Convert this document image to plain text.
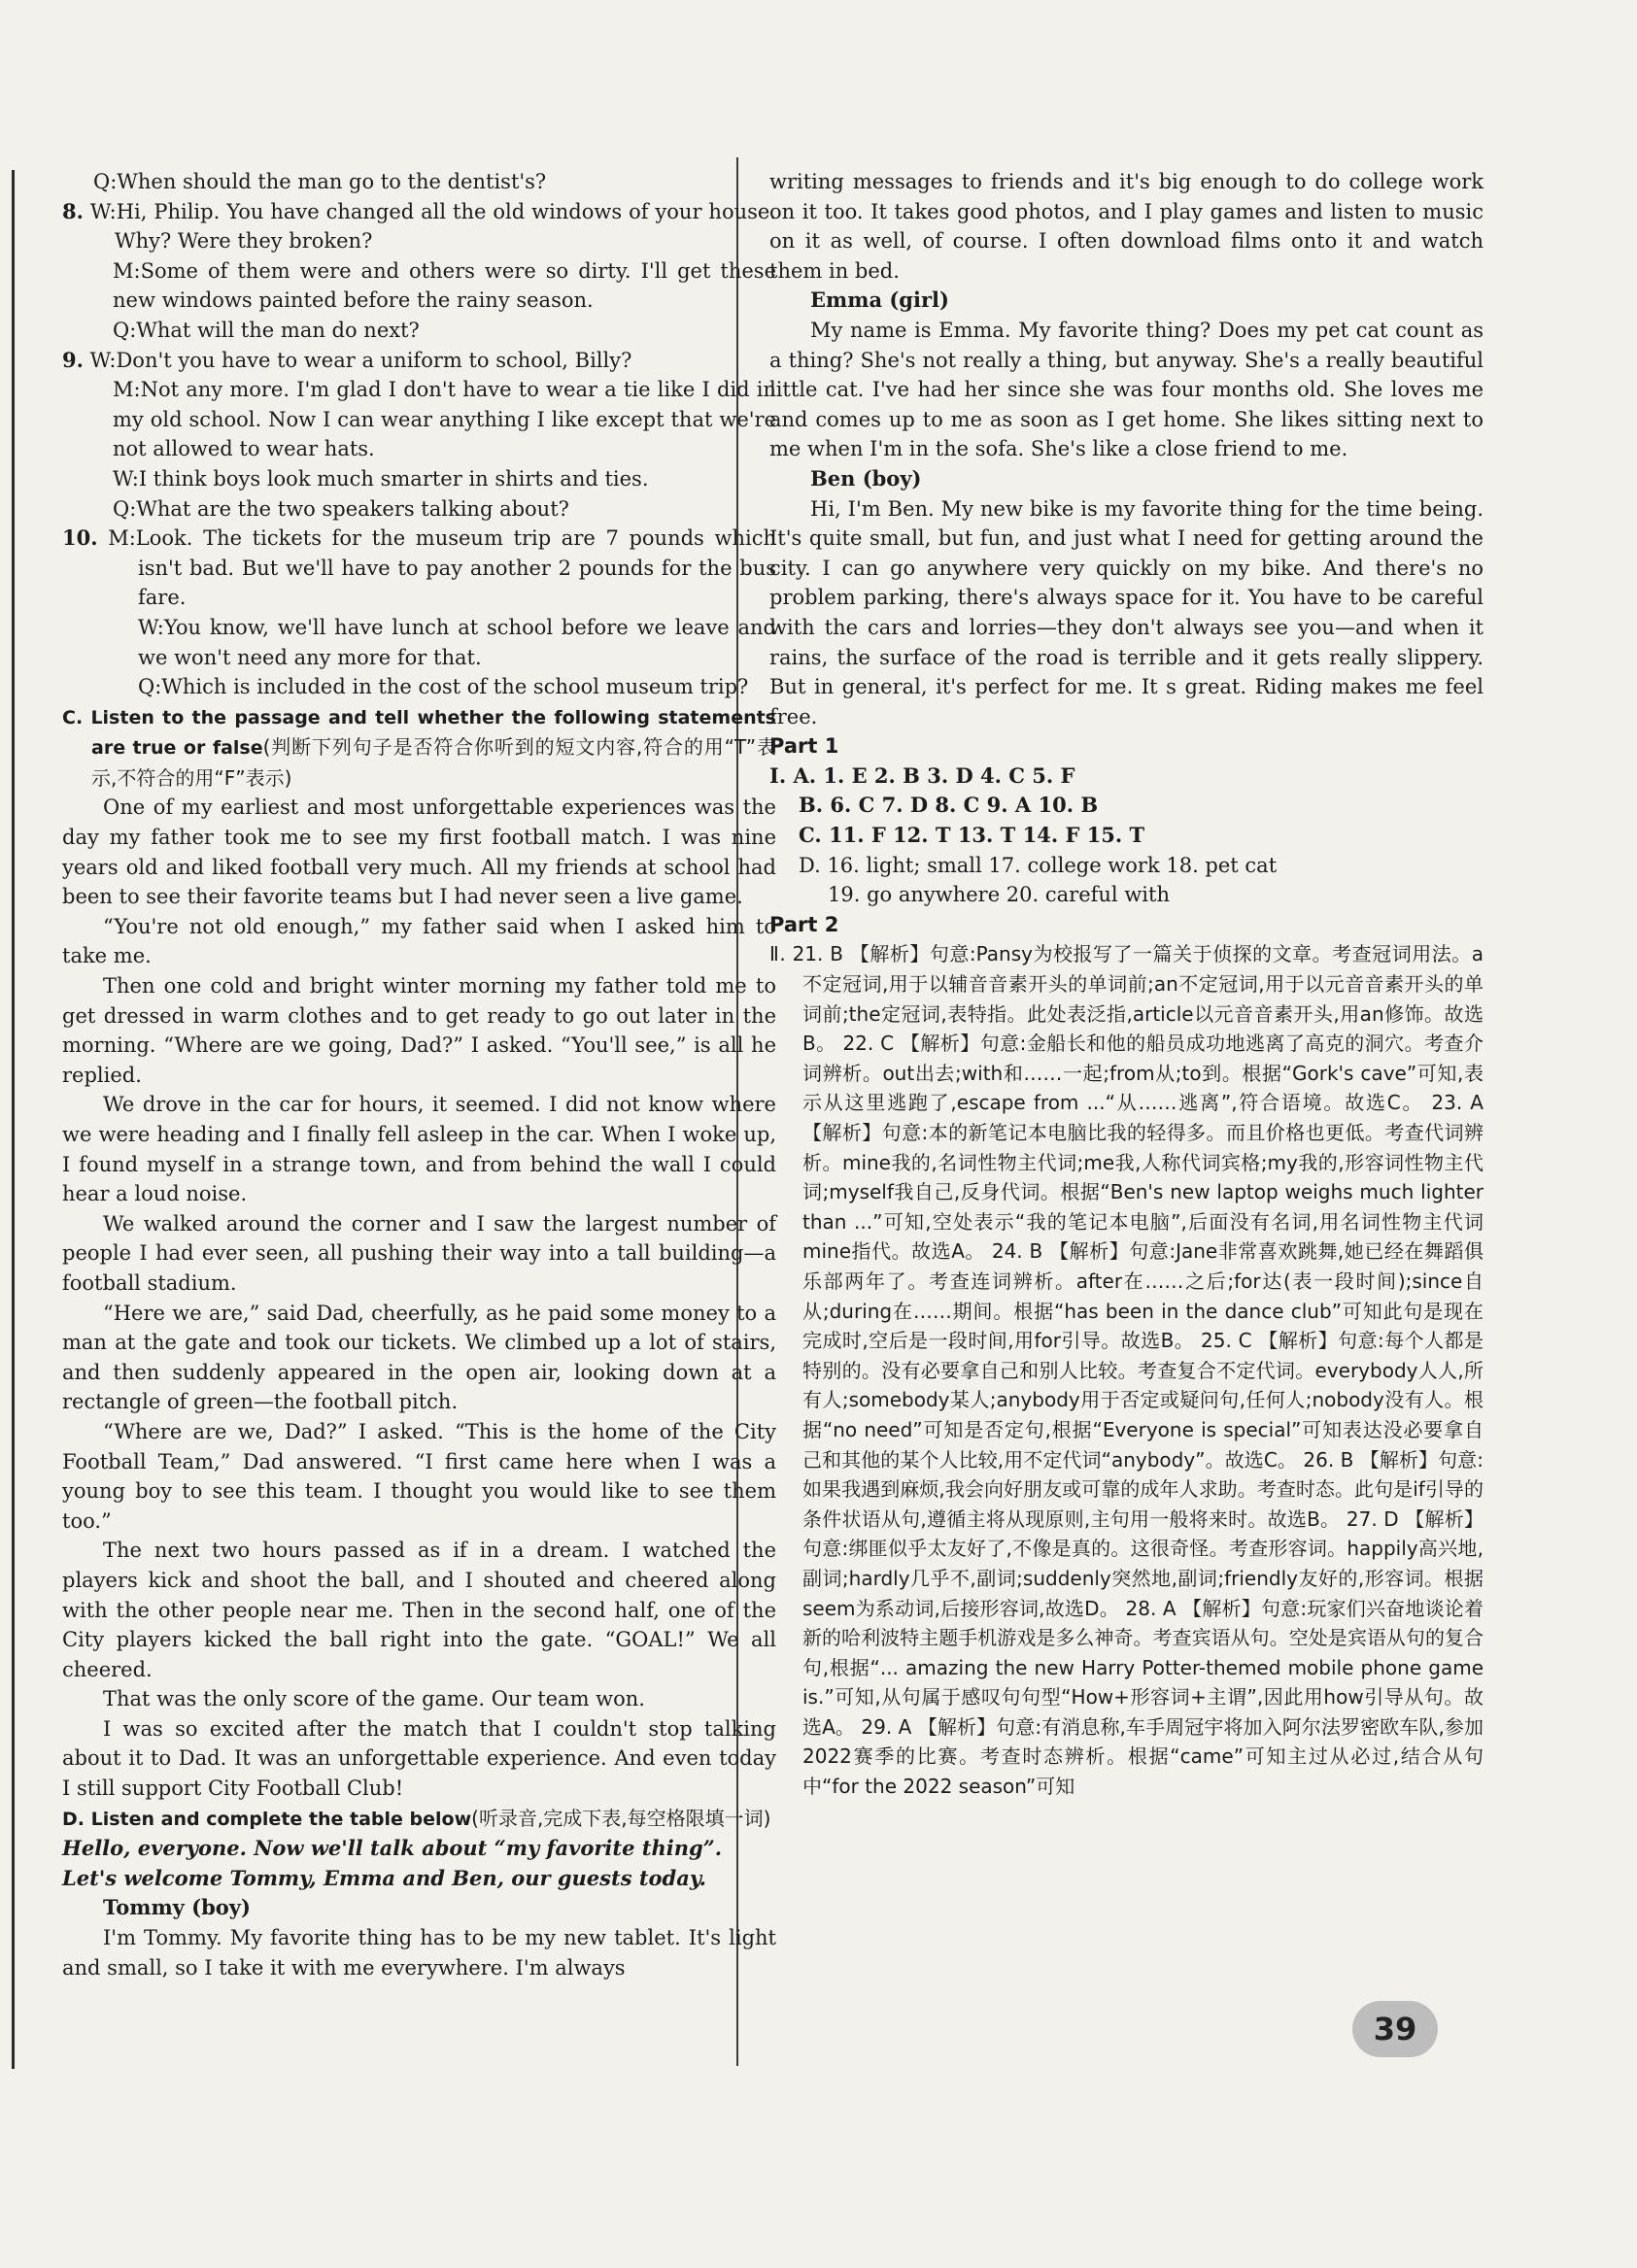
Q:When should the man go to the dentist's?

8. W:Hi, Philip. You have changed all the old windows of your house. Why? Were they broken?

M:Some of them were and others were so dirty. I'll get these new windows painted before the rainy season.

Q:What will the man do next?

9. W:Don't you have to wear a uniform to school, Billy?

M:Not any more. I'm glad I don't have to wear a tie like I did in my old school. Now I can wear anything I like except that we're not allowed to wear hats.

W:I think boys look much smarter in shirts and ties.

Q:What are the two speakers talking about?

10. M:Look. The tickets for the museum trip are 7 pounds which isn't bad. But we'll have to pay another 2 pounds for the bus fare.

W:You know, we'll have lunch at school before we leave and we won't need any more for that.

Q:Which is included in the cost of the school museum trip?

C. Listen to the passage and tell whether the following statements are true or false(判断下列句子是否符合你听到的短文内容,符合的用“T”表示,不符合的用“F”表示)

One of my earliest and most unforgettable experiences was the day my father took me to see my first football match. I was nine years old and liked football very much. All my friends at school had been to see their favorite teams but I had never seen a live game.

“You're not old enough,” my father said when I asked him to take me.

Then one cold and bright winter morning my father told me to get dressed in warm clothes and to get ready to go out later in the morning. “Where are we going, Dad?” I asked. “You'll see,” is all he replied.

We drove in the car for hours, it seemed. I did not know where we were heading and I finally fell asleep in the car. When I woke up, I found myself in a strange town, and from behind the wall I could hear a loud noise.

We walked around the corner and I saw the largest number of people I had ever seen, all pushing their way into a tall building—a football stadium.

“Here we are,” said Dad, cheerfully, as he paid some money to a man at the gate and took our tickets. We climbed up a lot of stairs, and then suddenly appeared in the open air, looking down at a rectangle of green—the football pitch.

“Where are we, Dad?” I asked. “This is the home of the City Football Team,” Dad answered. “I first came here when I was a young boy to see this team. I thought you would like to see them too.”

The next two hours passed as if in a dream. I watched the players kick and shoot the ball, and I shouted and cheered along with the other people near me. Then in the second half, one of the City players kicked the ball right into the gate. “GOAL!” We all cheered.

That was the only score of the game. Our team won.

I was so excited after the match that I couldn't stop talking about it to Dad. It was an unforgettable experience. And even today I still support City Football Club!

D. Listen and complete the table below(听录音,完成下表,每空格限填一词)

Hello, everyone. Now we'll talk about “my favorite thing”.

Let's welcome Tommy, Emma and Ben, our guests today.

Tommy (boy)

I'm Tommy. My favorite thing has to be my new tablet. It's light and small, so I take it with me everywhere. I'm always

writing messages to friends and it's big enough to do college work on it too. It takes good photos, and I play games and listen to music on it as well, of course. I often download films onto it and watch them in bed.

Emma (girl)

My name is Emma. My favorite thing? Does my pet cat count as a thing? She's not really a thing, but anyway. She's a really beautiful little cat. I've had her since she was four months old. She loves me and comes up to me as soon as I get home. She likes sitting next to me when I'm in the sofa. She's like a close friend to me.

Ben (boy)

Hi, I'm Ben. My new bike is my favorite thing for the time being. It's quite small, but fun, and just what I need for getting around the city. I can go anywhere very quickly on my bike. And there's no problem parking, there's always space for it. You have to be careful with the cars and lorries—they don't always see you—and when it rains, the surface of the road is terrible and it gets really slippery. But in general, it's perfect for me. It s great. Riding makes me feel free.

Part 1

Ⅰ. A. 1. E 2. B 3. D 4. C 5. F
B. 6. C 7. D 8. C 9. A 10. B
C. 11. F 12. T 13. T 14. F 15. T
D. 16. light; small 17. college work 18. pet cat
19. go anywhere 20. careful with

Part 2

Ⅱ. 21. B 【解析】句意:Pansy为校报写了一篇关于侦探的文章。考查冠词用法。a不定冠词,用于以辅音音素开头的单词前;an不定冠词,用于以元音音素开头的单词前;the定冠词,表特指。此处表泛指,article以元音音素开头,用an修饰。故选B。 22. C 【解析】句意:金船长和他的船员成功地逃离了高克的洞穴。考查介词辨析。out出去;with和……一起;from从;to到。根据“Gork's cave”可知,表示从这里逃跑了,escape from ...“从……逃离”,符合语境。故选C。 23. A 【解析】句意:本的新笔记本电脑比我的轻得多。而且价格也更低。考查代词辨析。mine我的,名词性物主代词;me我,人称代词宾格;my我的,形容词性物主代词;myself我自己,反身代词。根据“Ben's new laptop weighs much lighter than ...”可知,空处表示“我的笔记本电脑”,后面没有名词,用名词性物主代词mine指代。故选A。 24. B 【解析】句意:Jane非常喜欢跳舞,她已经在舞蹈俱乐部两年了。考查连词辨析。after在……之后;for达(表一段时间);since自从;during在……期间。根据“has been in the dance club”可知此句是现在完成时,空后是一段时间,用for引导。故选B。 25. C 【解析】句意:每个人都是特别的。没有必要拿自己和别人比较。考查复合不定代词。everybody人人,所有人;somebody某人;anybody用于否定或疑问句,任何人;nobody没有人。根据“no need”可知是否定句,根据“Everyone is special”可知表达没必要拿自己和其他的某个人比较,用不定代词“anybody”。故选C。 26. B 【解析】句意:如果我遇到麻烦,我会向好朋友或可靠的成年人求助。考查时态。此句是if引导的条件状语从句,遵循主将从现原则,主句用一般将来时。故选B。 27. D 【解析】句意:绑匪似乎太友好了,不像是真的。这很奇怪。考查形容词。happily高兴地,副词;hardly几乎不,副词;suddenly突然地,副词;friendly友好的,形容词。根据seem为系动词,后接形容词,故选D。 28. A 【解析】句意:玩家们兴奋地谈论着新的哈利波特主题手机游戏是多么神奇。考查宾语从句。空处是宾语从句的复合句,根据“... amazing the new Harry Potter-themed mobile phone game is.”可知,从句属于感叹句句型“How+形容词+主谓”,因此用how引导从句。故选A。 29. A 【解析】句意:有消息称,车手周冠宇将加入阿尔法罗密欧车队,参加2022赛季的比赛。考查时态辨析。根据“came”可知主过从必过,结合从句中“for the 2022 season”可知

39
